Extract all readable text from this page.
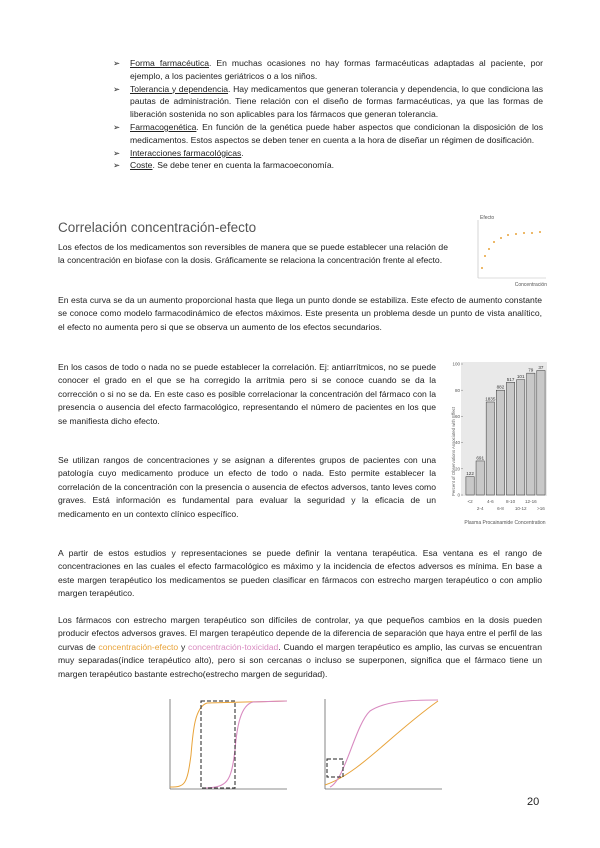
➢ Forma farmacéutica. En muchas ocasiones no hay formas farmacéuticas adaptadas al paciente, por ejemplo, a los pacientes geriátricos o a los niños.
➢ Tolerancia y dependencia. Hay medicamentos que generan tolerancia y dependencia, lo que condiciona las pautas de administración. Tiene relación con el diseño de formas farmacéuticas, ya que las formas de liberación sostenida no son aplicables para los fármacos que generan tolerancia.
➢ Farmacogenética. En función de la genética puede haber aspectos que condicionan la disposición de los medicamentos. Estos aspectos se deben tener en cuenta a la hora de diseñar un régimen de dosificación.
➢ Interacciones farmacológicas.
➢ Coste. Se debe tener en cuenta la farmacoeconomía.
Correlación concentración-efecto

Los efectos de los medicamentos son reversibles de manera que se puede establecer una relación de la concentración en biofase con la dosis. Gráficamente se relaciona la concentración frente al efecto.

Efecto
Concentración

En esta curva se da un aumento proporcional hasta que llega un punto donde se estabiliza. Este efecto de aumento constante se conoce como modelo farmacodinámico de efectos máximos. Este presenta un problema desde un punto de vista analítico, el efecto no aumenta pero si que se observa un aumento de los efectos secundarios.

En los casos de todo o nada no se puede establecer la correlación. Ej: antiarrítmicos, no se puede conocer el grado en el que se ha corregido la arritmia pero si se conoce cuando se da la corrección o si no se da. En este caso es posible correlacionar la concentración del fármaco con la presencia o ausencia del efecto farmacológico, representando el número de pacientes en los que se manifiesta dicho efecto.

Se utilizan rangos de concentraciones y se asignan a diferentes grupos de pacientes con una patología cuyo medicamento produce un efecto de todo o nada. Esto permite establecer la correlación de la concentración con la presencia o ausencia de efectos adversos, tanto leves como graves. Está información es fundamental para evaluar la seguridad y la eficacia de un medicamento en un contexto clínico específico.

Percent of Observations Associated with Effect 0
20
40
60
80
100
122
691
1835
882
517
101
79
37
<2	4-6	8-10 12-16
2-4	6-8 10-12 >16
Plasma Procainamide Concentration

A partir de estos estudios y representaciones se puede definir la ventana terapéutica. Esa ventana es el rango de concentraciones en las cuales el efecto farmacológico es máximo y la incidencia de efectos adversos es mínima. En base a este margen terapéutico los medicamentos se pueden clasificar en fármacos con estrecho margen terapéutico o con amplio margen terapéutico.

Los fármacos con estrecho margen terapéutico son difíciles de controlar, ya que pequeños cambios en la dosis pueden producir efectos adversos graves. El margen terapéutico depende de la diferencia de separación que haya entre el perfil de las curvas de concentración-efecto y concentración-toxicidad. Cuando el margen terapéutico es amplio, las curvas se encuentran muy separadas(índice terapéutico alto), pero si son cercanas o incluso se superponen, significa que el fármaco tiene un margen terapéutico bastante estrecho(estrecho margen de seguridad).

20
